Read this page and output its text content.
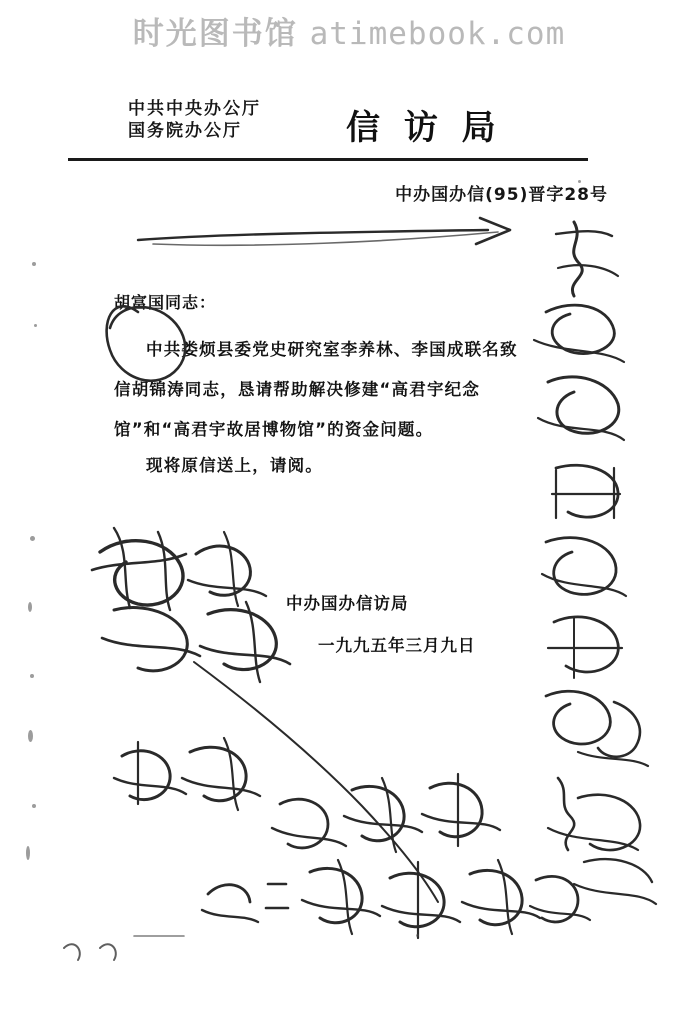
时光图书馆 atimebook.com
中共中央办公厅
国务院办公厅	信 访 局
中办国办信(95)晋字28号
胡富国同志：
中共娄烦县委党史研究室李养林、李国成联名致信胡锦涛同志，恳请帮助解决修建“高君宇纪念馆”和“高君宇故居博物馆”的资金问题。
现将原信送上，请阅。
中办国办信访局
一九九五年三月九日
